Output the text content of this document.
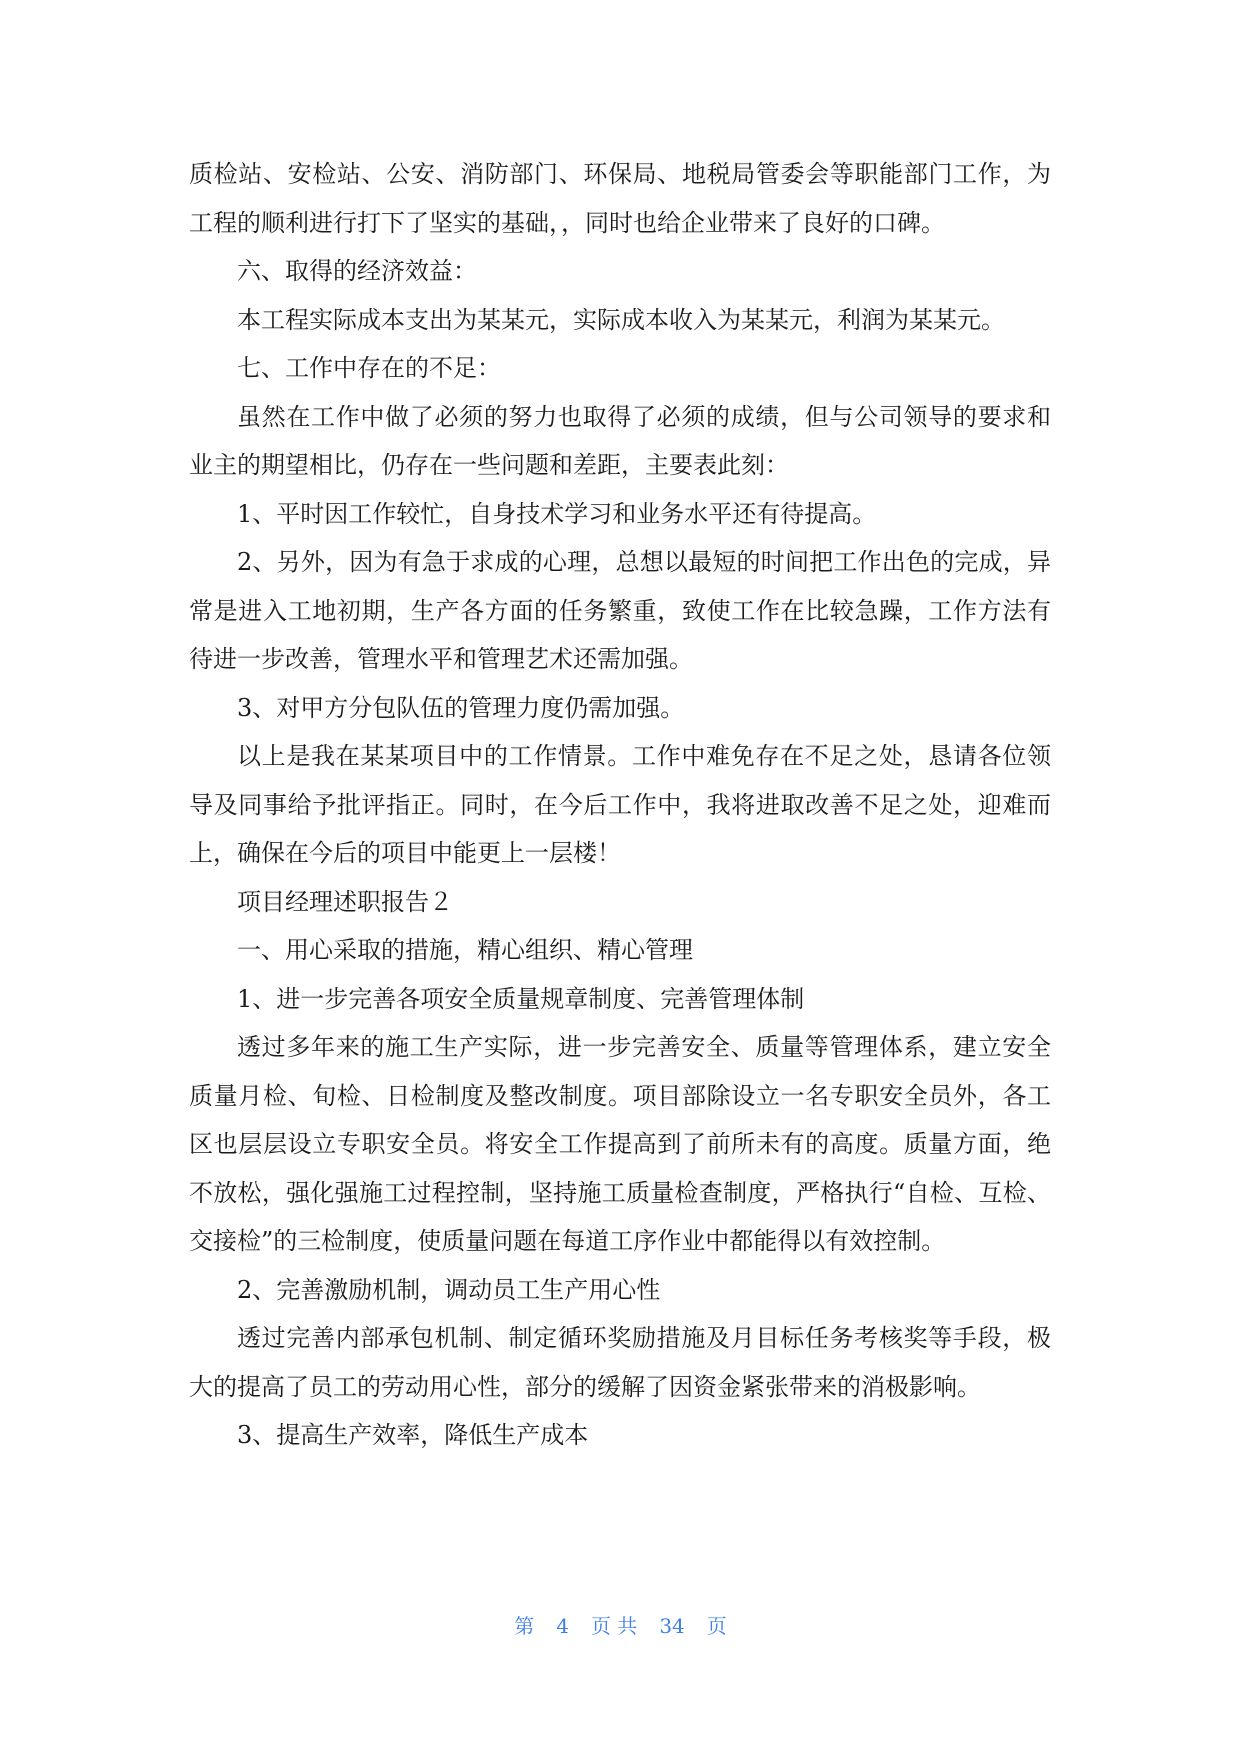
质检站、安检站、公安、消防部门、环保局、地税局管委会等职能部门工作，为工程的顺利进行打下了坚实的基础，，同时也给企业带来了良好的口碑。

六、取得的经济效益：

本工程实际成本支出为某某元，实际成本收入为某某元，利润为某某元。

七、工作中存在的不足：

虽然在工作中做了必须的努力也取得了必须的成绩，但与公司领导的要求和业主的期望相比，仍存在一些问题和差距，主要表此刻：

1、平时因工作较忙，自身技术学习和业务水平还有待提高。

2、另外，因为有急于求成的心理，总想以最短的时间把工作出色的完成，异常是进入工地初期，生产各方面的任务繁重，致使工作在比较急躁，工作方法有待进一步改善，管理水平和管理艺术还需加强。

3、对甲方分包队伍的管理力度仍需加强。

以上是我在某某项目中的工作情景。工作中难免存在不足之处，恳请各位领导及同事给予批评指正。同时，在今后工作中，我将进取改善不足之处，迎难而上，确保在今后的项目中能更上一层楼！

项目经理述职报告２

一、用心采取的措施，精心组织、精心管理

1、进一步完善各项安全质量规章制度、完善管理体制

透过多年来的施工生产实际，进一步完善安全、质量等管理体系，建立安全质量月检、旬检、日检制度及整改制度。项目部除设立一名专职安全员外，各工区也层层设立专职安全员。将安全工作提高到了前所未有的高度。质量方面，绝不放松，强化强施工过程控制，坚持施工质量检查制度，严格执行“自检、互检、交接检”的三检制度，使质量问题在每道工序作业中都能得以有效控制。

2、完善激励机制，调动员工生产用心性

透过完善内部承包机制、制定循环奖励措施及月目标任务考核奖等手段，极大的提高了员工的劳动用心性，部分的缓解了因资金紧张带来的消极影响。

3、提高生产效率，降低生产成本

第 4 页 共 34 页
